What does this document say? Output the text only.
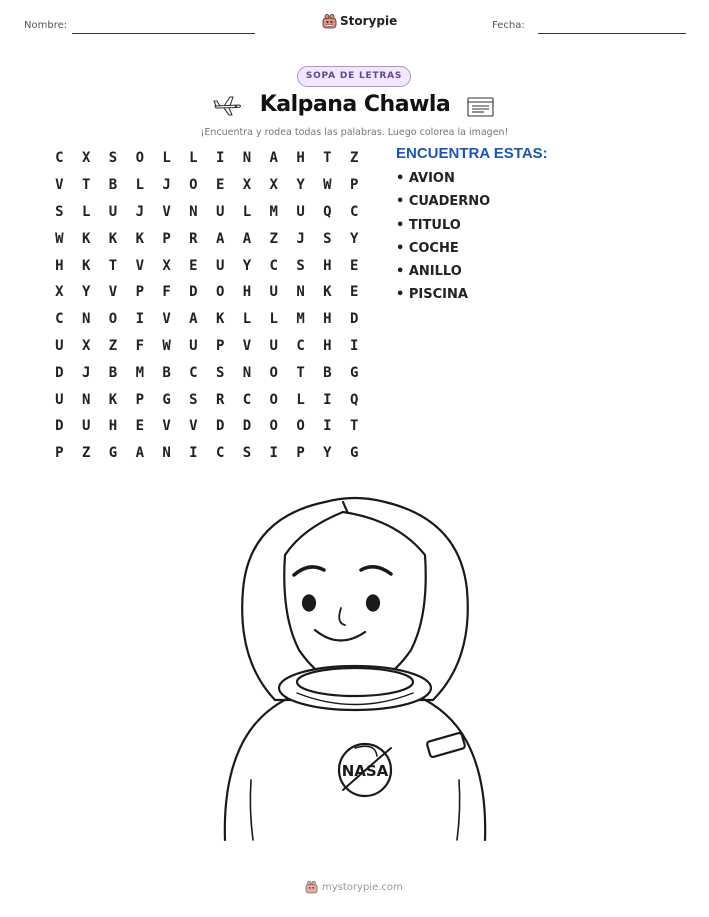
Nombre:	Storypie	Fecha:
SOPA DE LETRAS
Kalpana Chawla
¡Encuentra y rodea todas las palabras. Luego colorea la imagen!
C	X	S	O	L	L	I	N	A	H	T	Z
V	T	B	L	J	O	E	X	X	Y	W	P
S	L	U	J	V	N	U	L	M	U	Q	C
W	K	K	K	P	R	A	A	Z	J	S	Y
H	K	T	V	X	E	U	Y	C	S	H	E
X	Y	V	P	F	D	O	H	U	N	K	E
C	N	O	I	V	A	K	L	L	M	H	D
U	X	Z	F	W	U	P	V	U	C	H	I
D	J	B	M	B	C	S	N	O	T	B	G
U	N	K	P	G	S	R	C	O	L	I	Q
D	U	H	E	V	V	D	D	O	O	I	T
P	Z	G	A	N	I	C	S	I	P	Y	G
ENCUENTRA ESTAS:
• AVION
• CUADERNO
• TITULO
• COCHE
• ANILLO
• PISCINA
NASA
mystorypie.com
